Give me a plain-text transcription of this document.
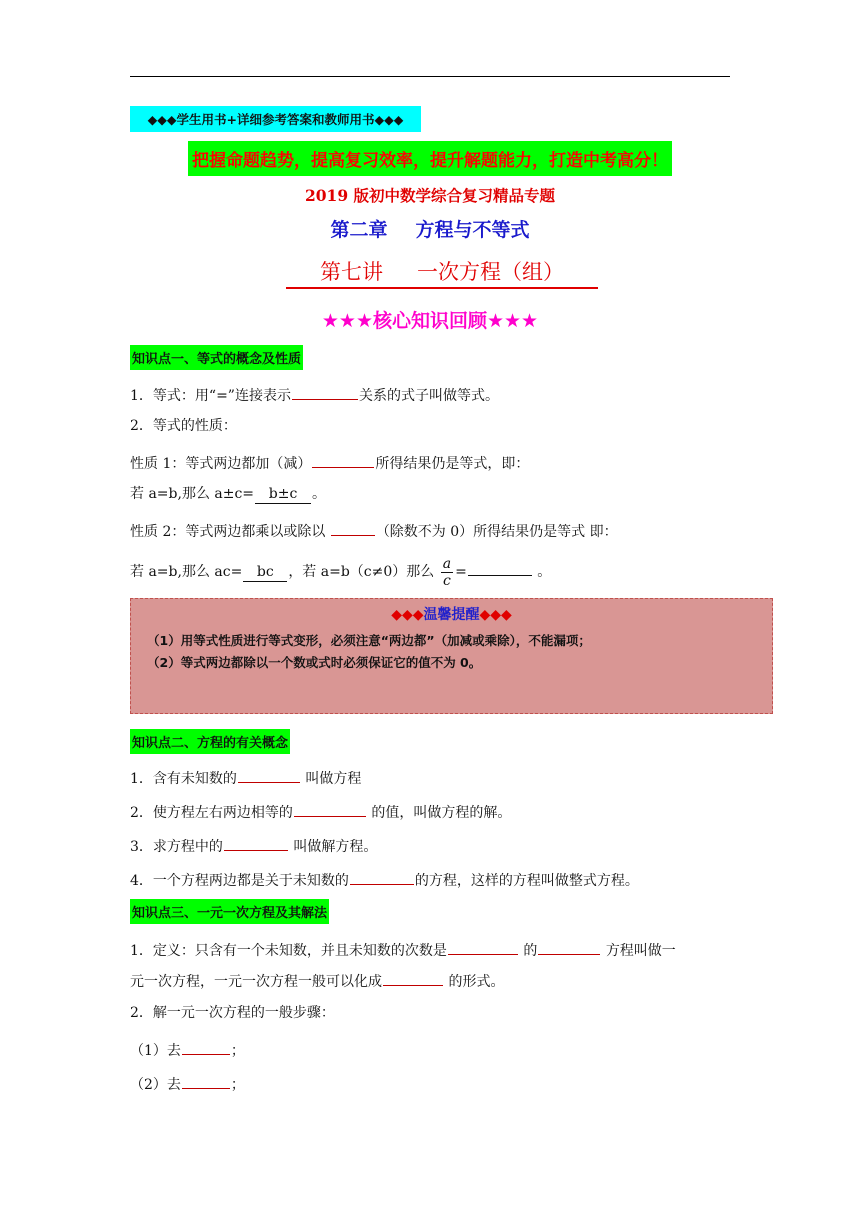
◆◆◆学生用书+详细参考答案和教师用书◆◆◆
把握命题趋势，提高复习效率，提升解题能力，打造中考高分！
2019 版初中数学综合复习精品专题
第二章 方程与不等式
第七讲 一次方程（组）
★★★核心知识回顾★★★
知识点一、等式的概念及性质
1．等式：用“=”连接表示	关系的式子叫做等式。
2．等式的性质：
性质 1：等式两边都加（减）	所得结果仍是等式，即：
若 a=b,那么 a±c= b±c 。
性质 2：等式两边都乘以或除以	（除数不为 0）所得结果仍是等式 即：
若 a=b,那么 ac= bc ，若 a=b（c≠0）那么 $\frac{a}{c}$ =	。
◆◆◆温馨提醒◆◆◆
（1）用等式性质进行等式变形，必须注意“两边都”（加减或乘除），不能漏项；
（2）等式两边都除以一个数或式时必须保证它的值不为 0。
知识点二、方程的有关概念
1．含有未知数的	叫做方程
2．使方程左右两边相等的	的值，叫做方程的解。
3．求方程中的	叫做解方程。
4．一个方程两边都是关于未知数的	的方程，这样的方程叫做整式方程。
知识点三、一元一次方程及其解法
1．定义：只含有一个未知数，并且未知数的次数是	的	方程叫做一
元一次方程，一元一次方程一般可以化成	的形式。
2．解一元一次方程的一般步骤：
（1）去	；
（2）去	；
